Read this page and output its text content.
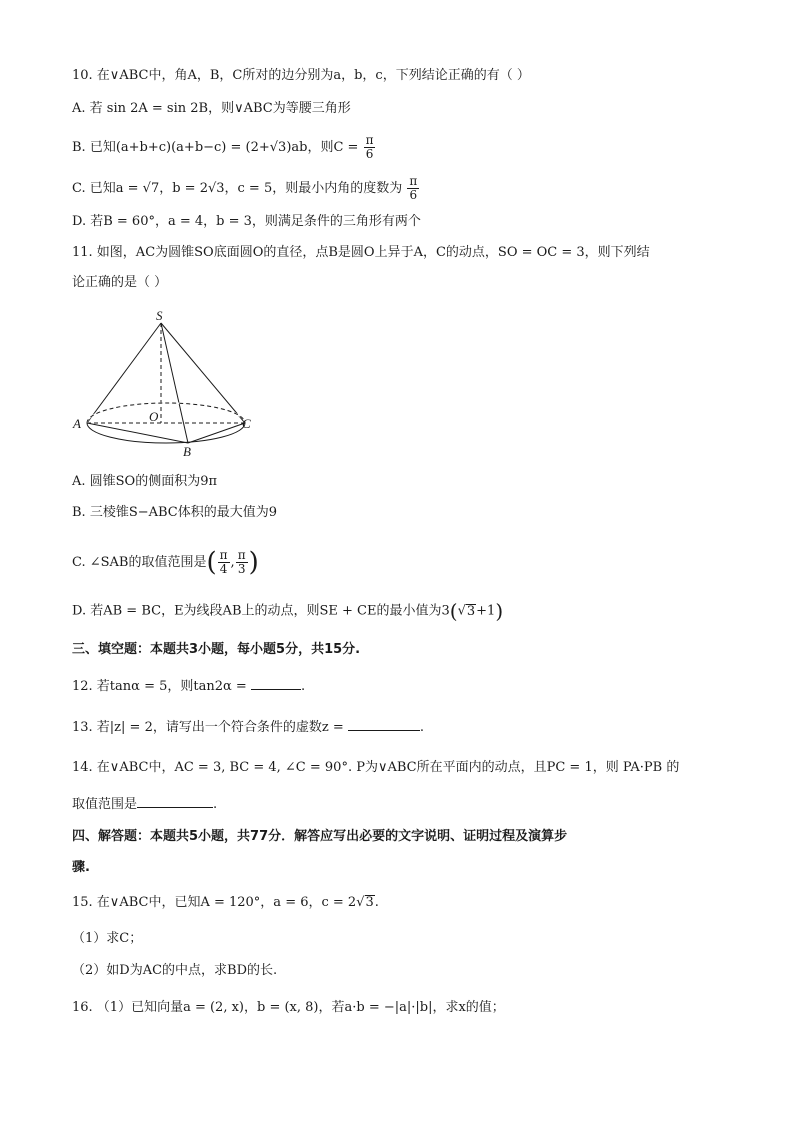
10. 在∨ABC中，角A，B，C所对的边分别为a，b，c，下列结论正确的有（ ）
A. 若 sin 2A = sin 2B，则∨ABC为等腰三角形
B. 已知(a+b+c)(a+b−c) = (2+√3)ab，则$C = \frac{\pi}{6}$
C. 已知a = √7，b = 2√3，c = 5，则最小内角的度数为 $\frac{\pi}{6}$
D. 若B = 60°，a = 4，b = 3，则满足条件的三角形有两个
11. 如图，AC为圆锥SO底面圆O的直径，点B是圆O上异于A，C的动点，SO = OC = 3，则下列结
论正确的是（ ）
S
A	O	C
B
A. 圆锥SO的侧面积为9π
B. 三棱锥S−ABC体积的最大值为9
C. ∠SAB的取值范围是( $\frac{\pi}{4}$ , $\frac{\pi}{3}$ )
D. 若AB = BC，E为线段AB上的动点，则SE + CE的最小值为3(√3+1)
三、填空题：本题共3小题，每小题5分，共15分.
12. 若tanα = 5，则tan2α =	.
13. 若|z| = 2，请写出一个符合条件的虚数z =	.
14. 在∨ABC中，AC = 3, BC = 4, ∠C = 90°. P为∨ABC所在平面内的动点，且PC = 1，则 PA·PB 的
取值范围是	.
四、解答题：本题共5小题，共77分．解答应写出必要的文字说明、证明过程及演算步
骤.
15. 在∨ABC中，已知A = 120°，a = 6，c = 2√3.
（1）求C；
（2）如D为AC的中点，求BD的长.
16. （1）已知向量a = (2, x)，b = (x, 8)，若a·b = −|a|·|b|，求x的值；
